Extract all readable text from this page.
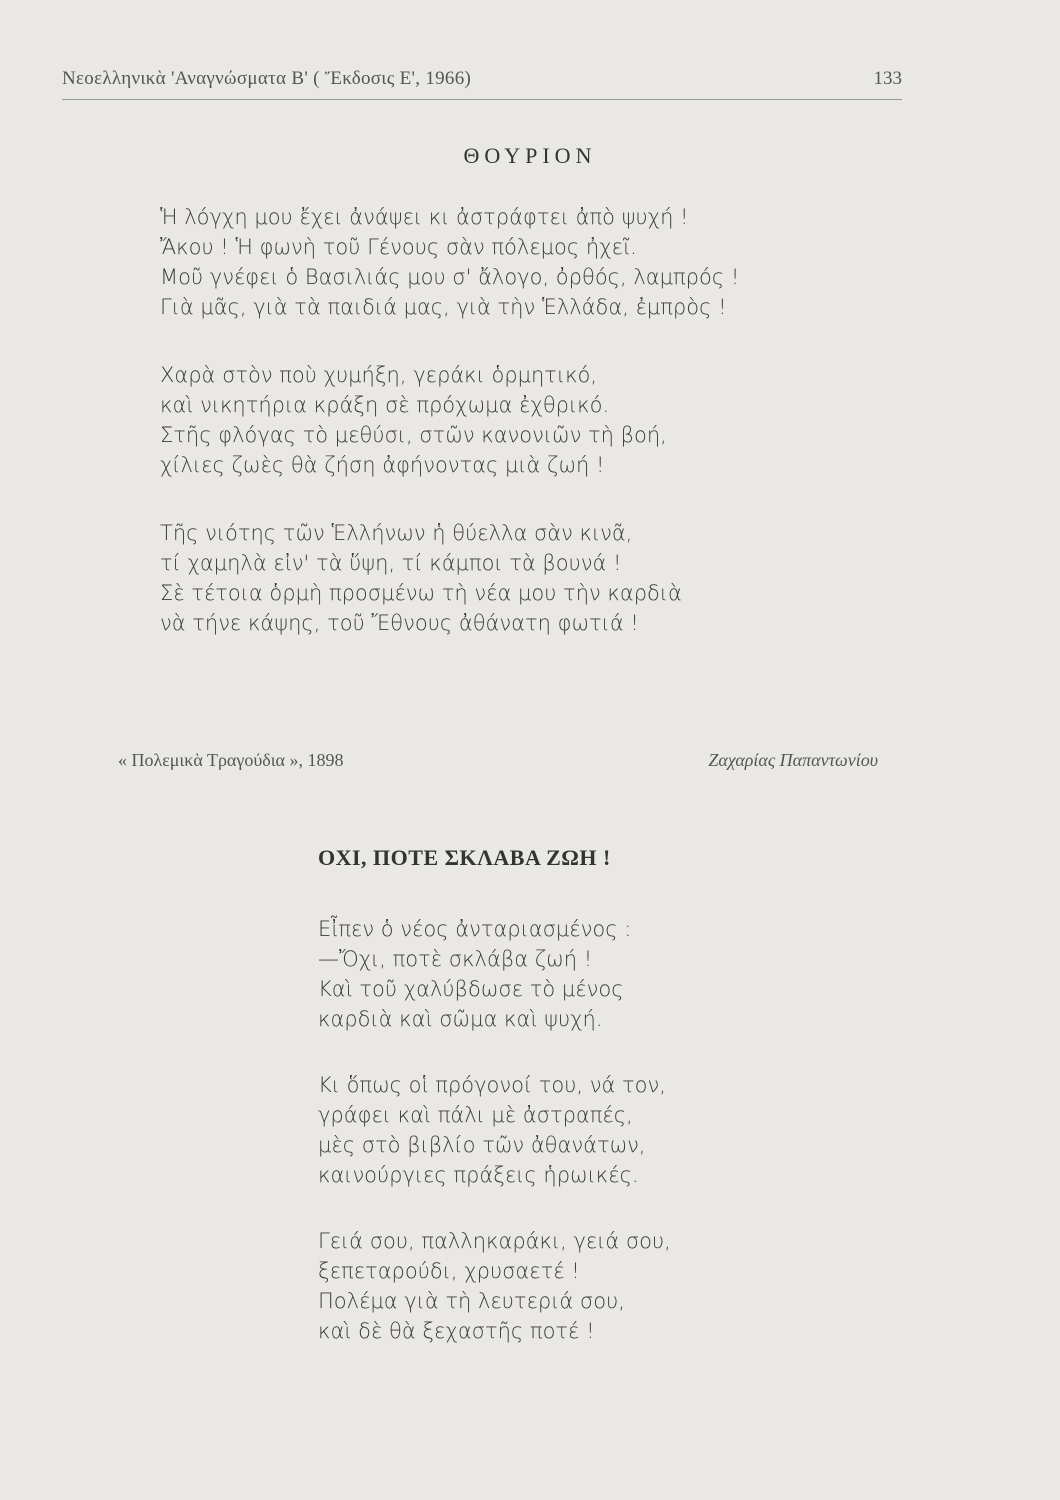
Νεοελληνικὰ 'Αναγνώσματα Β' ( Ἔκδοσις Ε', 1966)	133
ΘΟΥΡΙΟΝ
Ἡ λόγχη μου ἔχει ἀνάψει κι ἀστράφτει ἀπὸ ψυχή !
Ἄκου ! Ἡ φωνὴ τοῦ Γένους σὰν πόλεμος ἠχεῖ.
Μοῦ γνέφει ὁ Βασιλιάς μου σ' ἄλογο, ὀρθός, λαμπρός !
Γιὰ μᾶς, γιὰ τὰ παιδιά μας, γιὰ τὴν Ἑλλάδα, ἐμπρὸς !
Χαρὰ στὸν ποὺ χυμήξη, γεράκι ὁρμητικό,
καὶ νικητήρια κράξη σὲ πρόχωμα ἐχθρικό.
Στῆς φλόγας τὸ μεθύσι, στῶν κανονιῶν τὴ βοή,
χίλιες ζωὲς θὰ ζήση ἀφήνοντας μιὰ ζωή !
Τῆς νιότης τῶν Ἑλλήνων ἡ θύελλα σὰν κινᾶ,
τί χαμηλὰ εἰν' τὰ ὕψη, τί κάμποι τὰ βουνά !
Σὲ τέτοια ὁρμὴ προσμένω τὴ νέα μου τὴν καρδιὰ
νὰ τήνε κάψης, τοῦ Ἔθνους ἀθάνατη φωτιά !
« Πολεμικὰ Τραγούδια », 1898	Ζαχαρίας Παπαντωνίου
ΟΧΙ, ΠΟΤΕ ΣΚΛΑΒΑ ΖΩΗ !
Εἶπεν ὁ νέος ἀνταριασμένος :
—Ὄχι, ποτὲ σκλάβα ζωή !
Καὶ τοῦ χαλύβδωσε τὸ μένος
καρδιὰ καὶ σῶμα καὶ ψυχή.
Κι ὅπως οἱ πρόγονοί του, νά τον,
γράφει καὶ πάλι μὲ ἀστραπές,
μὲς στὸ βιβλίο τῶν ἀθανάτων,
καινούργιες πράξεις ἡρωικές.
Γειά σου, παλληκαράκι, γειά σου,
ξεπεταρούδι, χρυσαετέ !
Πολέμα γιὰ τὴ λευτεριά σου,
καὶ δὲ θὰ ξεχαστῆς ποτέ !
